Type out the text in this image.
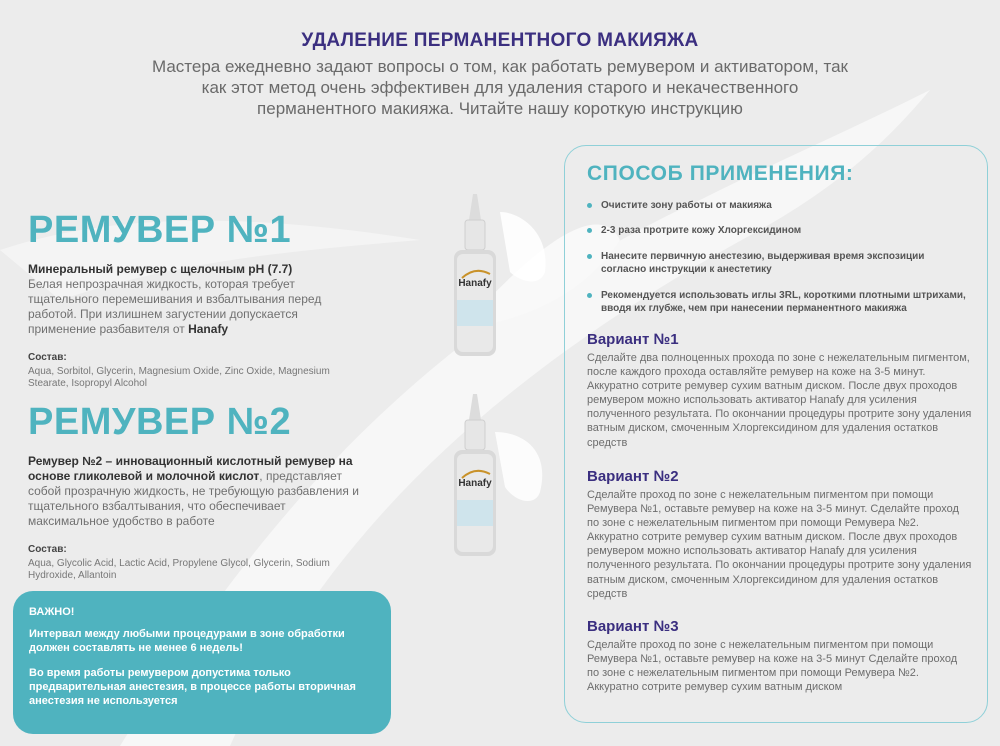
УДАЛЕНИЕ ПЕРМАНЕНТНОГО МАКИЯЖА
Мастера ежедневно задают вопросы о том, как работать ремувером и активатором, так как этот метод очень эффективен для удаления старого и некачественного перманентного макияжа. Читайте нашу короткую инструкцию
РЕМУВЕР №1
Минеральный ремувер с щелочным pH (7.7)
Белая непрозрачная жидкость, которая требует тщательного перемешивания и взбалтывания перед работой. При излишнем загустении допускается применение разбавителя от Hanafy
Состав:
Aqua, Sorbitol, Glycerin, Magnesium Oxide, Zinc Oxide, Magnesium Stearate, Isopropyl Alcohol
РЕМУВЕР №2
Ремувер №2 – инновационный кислотный ремувер на основе гликолевой и молочной кислот, представляет собой прозрачную жидкость, не требующую разбавления и тщательного взбалтывания, что обеспечивает максимальное удобство в работе
Состав:
Aqua, Glycolic Acid, Lactic Acid, Propylene Glycol, Glycerin, Sodium Hydroxide, Allantoin
Hanafy
Hanafy
ВАЖНО!
Интервал между любыми процедурами в зоне обработки должен составлять не менее 6 недель!
Во время работы ремувером допустима только предварительная анестезия, в процессе работы вторичная анестезия не используется
СПОСОБ ПРИМЕНЕНИЯ:
Очистите зону работы от макияжа
2-3 раза протрите кожу Хлоргексидином
Нанесите первичную анестезию, выдерживая время экспозиции согласно инструкции к анестетику
Рекомендуется использовать иглы 3RL, короткими плотными штрихами, вводя их глубже, чем при нанесении перманентного макияжа
Вариант №1
Сделайте два полноценных прохода по зоне с нежелательным пигментом, после каждого прохода оставляйте ремувер на коже на 3-5 минут. Аккуратно сотрите ремувер сухим ватным диском. После двух проходов ремувером можно использовать активатор Hanafy для усиления полученного результата. По окончании процедуры протрите зону удаления ватным диском, смоченным Хлоргексидином для удаления остатков средств
Вариант №2
Сделайте проход по зоне с нежелательным пигментом при помощи Ремувера №1, оставьте ремувер на коже на 3-5 минут. Сделайте проход по зоне с нежелательным пигментом при помощи Ремувера №2. Аккуратно сотрите ремувер сухим ватным диском. После двух проходов ремувером можно использовать активатор Hanafy для усиления полученного результата. По окончании процедуры протрите зону удаления ватным диском, смоченным Хлоргексидином для удаления остатков средств
Вариант №3
Сделайте проход по зоне с нежелательным пигментом при помощи Ремувера №1, оставьте ремувер на коже на 3-5 минут Сделайте проход по зоне с нежелательным пигментом при помощи Ремувера №2. Аккуратно сотрите ремувер сухим ватным диском
